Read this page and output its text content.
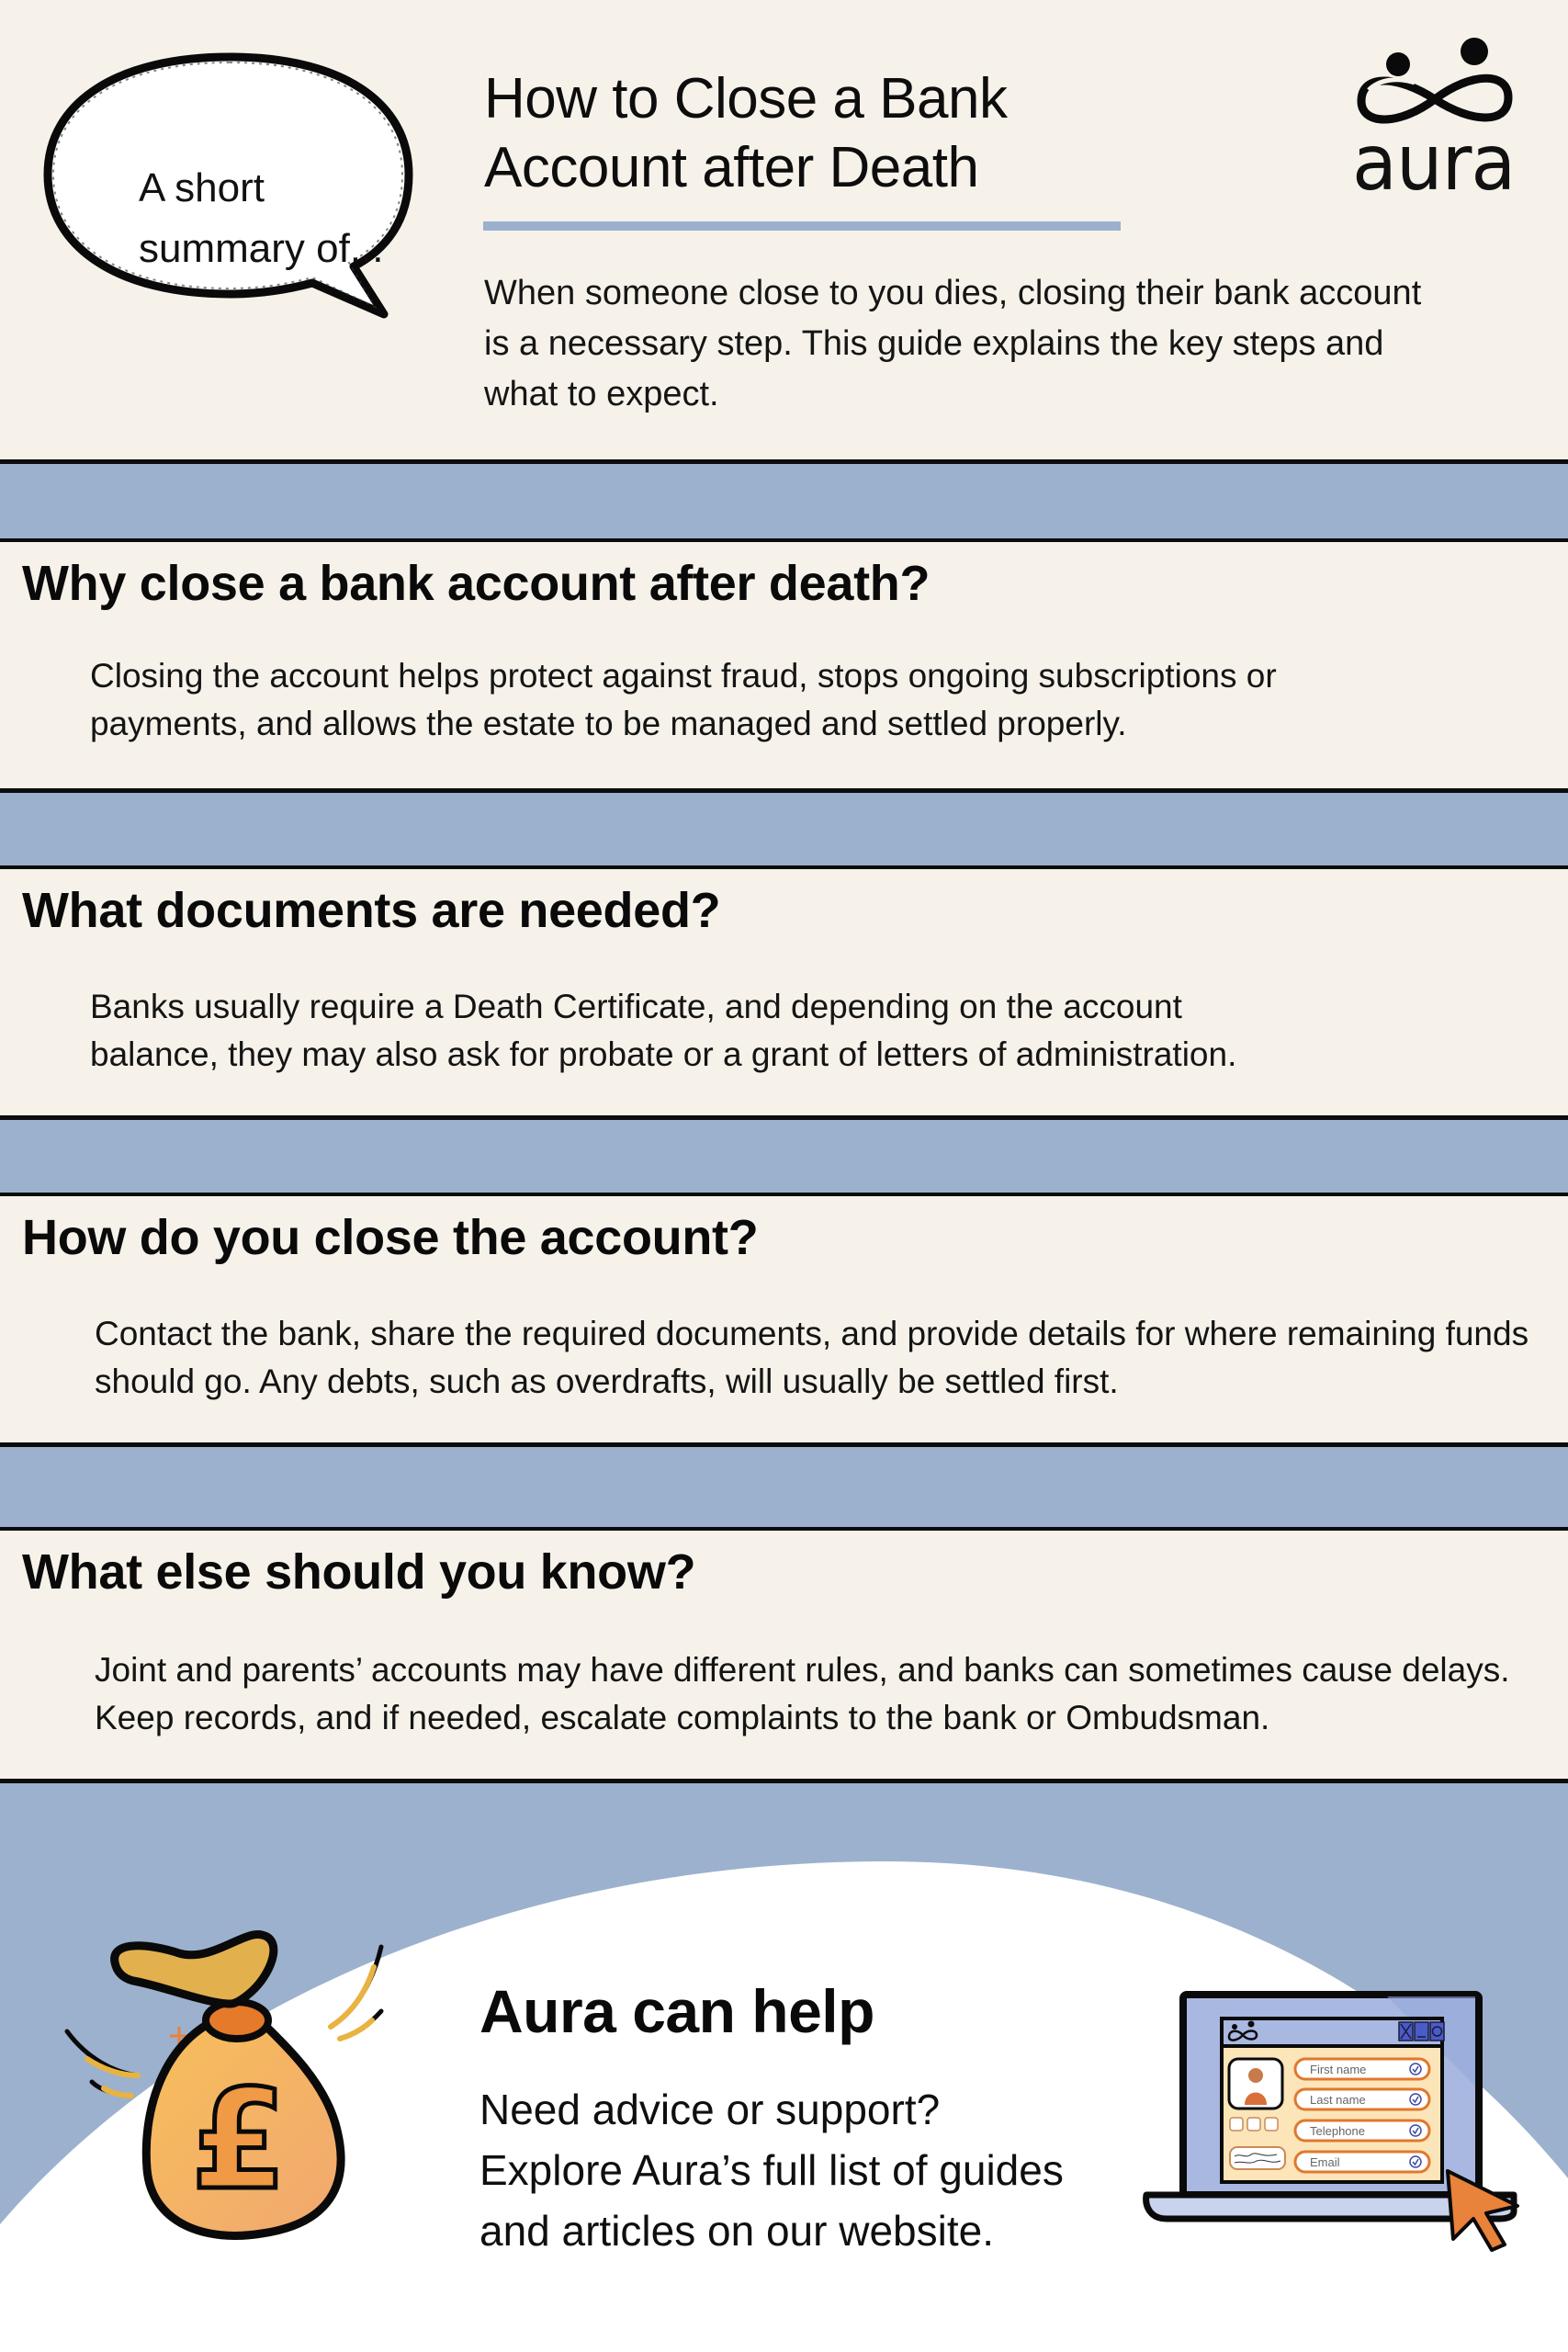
A short
summary of...
How to Close a Bank
Account after Death

When someone close to you dies, closing their bank account is a necessary step. This guide explains the key steps and what to expect.

aura
Why close a bank account after death?

Closing the account helps protect against fraud, stops ongoing subscriptions or payments, and allows the estate to be managed and settled properly.

What documents are needed?

Banks usually require a Death Certificate, and depending on the account balance, they may also ask for probate or a grant of letters of administration.

How do you close the account?

Contact the bank, share the required documents, and provide details for where remaining funds should go. Any debts, such as overdrafts, will usually be settled first.

What else should you know?

Joint and parents’ accounts may have different rules, and banks can sometimes cause delays. Keep records, and if needed, escalate complaints to the bank or Ombudsman.

£
Aura can help

Need advice or support?
Explore Aura’s full list of guides
and articles on our website.

First name
Last name
Telephone
Email
